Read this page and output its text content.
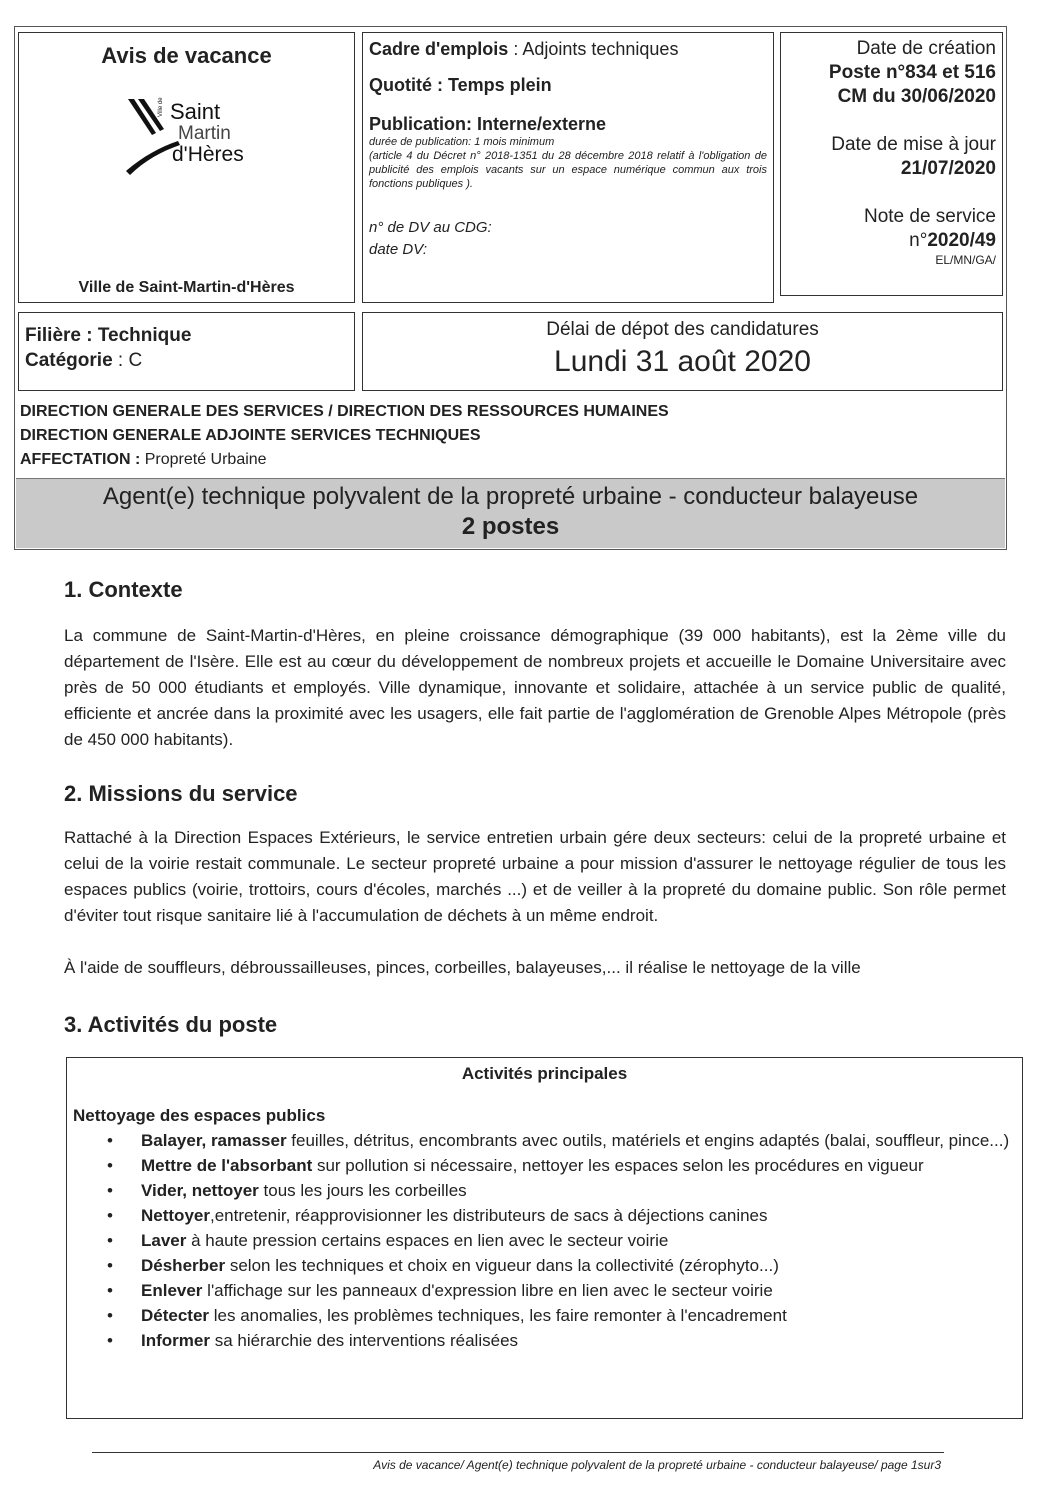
Avis de vacance
Ville de Saint
Martin
d'Hères
Ville de Saint-Martin-d'Hères
Cadre d'emplois : Adjoints techniques
Quotité : Temps plein
Publication: Interne/externe
durée de publication: 1 mois minimum
(article 4 du Décret n° 2018-1351 du 28 décembre 2018 relatif à l'obligation de publicité des emplois vacants sur un espace numérique commun aux trois fonctions publiques ).
n° de DV au CDG:
date DV:
Date de création
Poste n°834 et 516
CM du 30/06/2020
Date de mise à jour
21/07/2020
Note de service
n°2020/49
EL/MN/GA/
Filière : Technique
Catégorie : C
Délai de dépot des candidatures
Lundi 31 août 2020
DIRECTION GENERALE DES SERVICES / DIRECTION DES RESSOURCES HUMAINES
DIRECTION GENERALE ADJOINTE SERVICES TECHNIQUES
AFFECTATION : Propreté Urbaine
Agent(e) technique polyvalent de la propreté urbaine - conducteur balayeuse
2 postes
1. Contexte
La commune de Saint-Martin-d'Hères, en pleine croissance démographique (39 000 habitants), est la 2ème ville du département de l'Isère. Elle est au cœur du développement de nombreux projets et accueille le Domaine Universitaire avec près de 50 000 étudiants et employés. Ville dynamique, innovante et solidaire, attachée à un service public de qualité, efficiente et ancrée dans la proximité avec les usagers, elle fait partie de l'agglomération de Grenoble Alpes Métropole (près de 450 000 habitants).
2. Missions du service
Rattaché à la Direction Espaces Extérieurs, le service entretien urbain gére deux secteurs: celui de la propreté urbaine et celui de la voirie restait communale. Le secteur propreté urbaine a pour mission d'assurer le nettoyage régulier de tous les espaces publics (voirie, trottoirs, cours d'écoles, marchés ...) et de veiller à la propreté du domaine public. Son rôle permet d'éviter tout risque sanitaire lié à l'accumulation de déchets à un même endroit.
À l'aide de souffleurs, débroussailleuses, pinces, corbeilles, balayeuses,... il réalise le nettoyage de la ville
3. Activités du poste
Activités principales
Nettoyage des espaces publics
• Balayer, ramasser feuilles, détritus, encombrants avec outils, matériels et engins adaptés (balai, souffleur, pince...)
• Mettre de l'absorbant sur pollution si nécessaire, nettoyer les espaces selon les procédures en vigueur
• Vider, nettoyer tous les jours les corbeilles
• Nettoyer,entretenir, réapprovisionner les distributeurs de sacs à déjections canines
• Laver à haute pression certains espaces en lien avec le secteur voirie
• Désherber selon les techniques et choix en vigueur dans la collectivité (zérophyto...)
• Enlever l'affichage sur les panneaux d'expression libre en lien avec le secteur voirie
• Détecter les anomalies, les problèmes techniques, les faire remonter à l'encadrement
• Informer sa hiérarchie des interventions réalisées
Avis de vacance/ Agent(e) technique polyvalent de la propreté urbaine - conducteur balayeuse/ page 1sur3
